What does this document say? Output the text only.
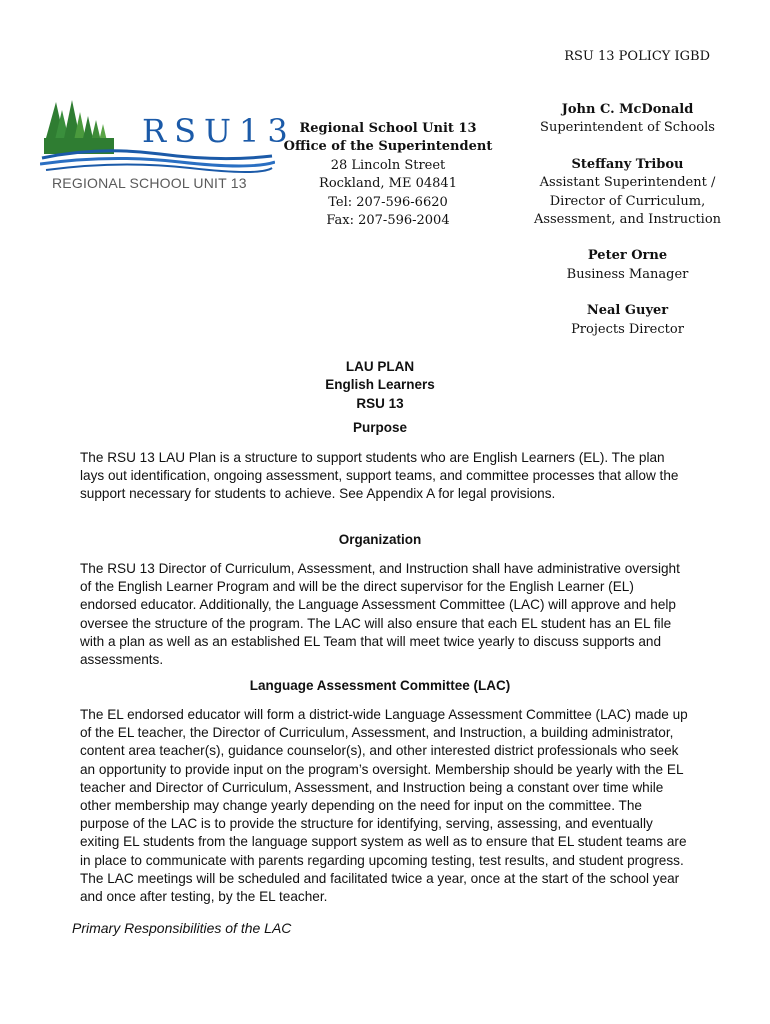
RSU 13 POLICY IGBD
RSU13
REGIONAL SCHOOL UNIT 13
Regional School Unit 13
Office of the Superintendent
28 Lincoln Street
Rockland, ME 04841
Tel: 207-596-6620
Fax: 207-596-2004
John C. McDonald
Superintendent of Schools
Steffany Tribou
Assistant Superintendent /
Director of Curriculum,
Assessment, and Instruction
Peter Orne
Business Manager
Neal Guyer
Projects Director
LAU PLAN
English Learners
RSU 13
Purpose
The RSU 13 LAU Plan is a structure to support students who are English Learners (EL). The plan lays out identification, ongoing assessment, support teams, and committee processes that allow the support necessary for students to achieve. See Appendix A for legal provisions.
Organization
The RSU 13 Director of Curriculum, Assessment, and Instruction shall have administrative oversight of the English Learner Program and will be the direct supervisor for the English Learner (EL) endorsed educator. Additionally, the Language Assessment Committee (LAC) will approve and help oversee the structure of the program. The LAC will also ensure that each EL student has an EL file with a plan as well as an established EL Team that will meet twice yearly to discuss supports and assessments.
Language Assessment Committee (LAC)
The EL endorsed educator will form a district-wide Language Assessment Committee (LAC) made up of the EL teacher, the Director of Curriculum, Assessment, and Instruction, a building administrator, content area teacher(s), guidance counselor(s), and other interested district professionals who seek an opportunity to provide input on the program’s oversight. Membership should be yearly with the EL teacher and Director of Curriculum, Assessment, and Instruction being a constant over time while other membership may change yearly depending on the need for input on the committee. The purpose of the LAC is to provide the structure for identifying, serving, assessing, and eventually exiting EL students from the language support system as well as to ensure that EL student teams are in place to communicate with parents regarding upcoming testing, test results, and student progress. The LAC meetings will be scheduled and facilitated twice a year, once at the start of the school year and once after testing, by the EL teacher.
Primary Responsibilities of the LAC
